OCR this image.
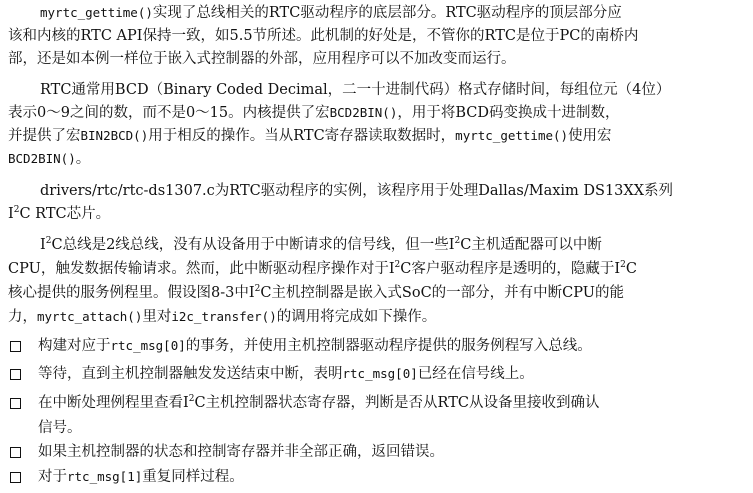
myrtc_gettime()实现了总线相关的RTC驱动程序的底层部分。RTC驱动程序的顶层部分应
该和内核的RTC API保持一致，如5.5节所述。此机制的好处是，不管你的RTC是位于PC的南桥内
部，还是如本例一样位于嵌入式控制器的外部，应用程序可以不加改变而运行。
RTC通常用BCD（Binary Coded Decimal，二一十进制代码）格式存储时间，每组位元（4位）
表示0～9之间的数，而不是0～15。内核提供了宏BCD2BIN()，用于将BCD码变换成十进制数，
并提供了宏BIN2BCD()用于相反的操作。当从RTC寄存器读取数据时，myrtc_gettime()使用宏
BCD2BIN()。
drivers/rtc/rtc-ds1307.c为RTC驱动程序的实例，该程序用于处理Dallas/Maxim DS13XX系列
$I^2C$ RTC芯片。
$I^2C$总线是2线总线，没有从设备用于中断请求的信号线，但一些$I^2C$主机适配器可以中断
CPU，触发数据传输请求。然而，此中断驱动程序操作对于$I^2C$客户驱动程序是透明的，隐藏于$I^2C$
核心提供的服务例程里。假设图8-3中$I^2C$主机控制器是嵌入式SoC的一部分，并有中断CPU的能
力，myrtc_attach()里对i2c_transfer()的调用将完成如下操作。
构建对应于rtc_msg[0]的事务，并使用主机控制器驱动程序提供的服务例程写入总线。
等待，直到主机控制器触发发送结束中断，表明rtc_msg[0]已经在信号线上。
在中断处理例程里查看$I^2C$主机控制器状态寄存器，判断是否从RTC从设备里接收到确认
信号。
如果主机控制器的状态和控制寄存器并非全部正确，返回错误。
对于rtc_msg[1]重复同样过程。
